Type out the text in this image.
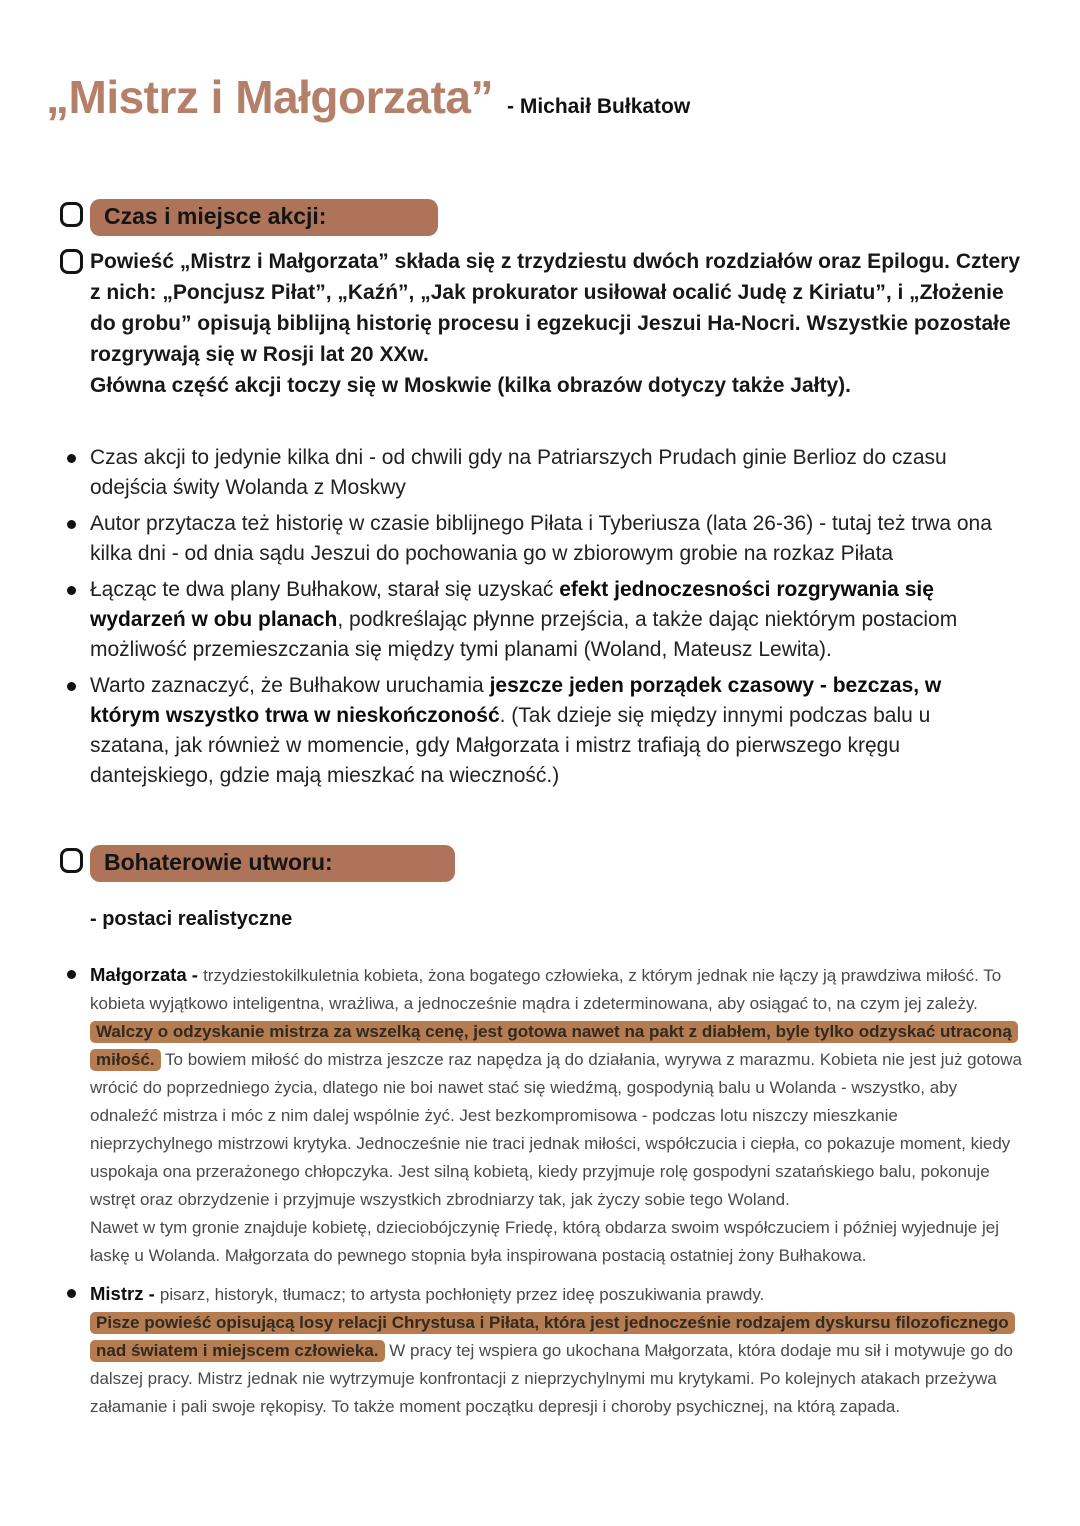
„Mistrz i Małgorzata” - Michaił Bułkatow
Czas i miejsce akcji:

Powieść „Mistrz i Małgorzata” składa się z trzydziestu dwóch rozdziałów oraz Epilogu. Cztery z nich: „Poncjusz Piłat”, „Kaźń”, „Jak prokurator usiłował ocalić Judę z Kiriatu”, i „Złożenie do grobu” opisują biblijną historię procesu i egzekucji Jeszui Ha-Nocri. Wszystkie pozostałe rozgrywają się w Rosji lat 20 XXw.
Główna część akcji toczy się w Moskwie (kilka obrazów dotyczy także Jałty).

Czas akcji to jedynie kilka dni - od chwili gdy na Patriarszych Prudach ginie Berlioz do czasu odejścia świty Wolanda z Moskwy
Autor przytacza też historię w czasie biblijnego Piłata i Tyberiusza (lata 26-36) - tutaj też trwa ona kilka dni - od dnia sądu Jeszui do pochowania go w zbiorowym grobie na rozkaz Piłata
Łącząc te dwa plany Bułhakow, starał się uzyskać efekt jednoczesności rozgrywania się wydarzeń w obu planach, podkreślając płynne przejścia, a także dając niektórym postaciom możliwość przemieszczania się między tymi planami (Woland, Mateusz Lewita).
Warto zaznaczyć, że Bułhakow uruchamia jeszcze jeden porządek czasowy - bezczas, w którym wszystko trwa w nieskończoność. (Tak dzieje się między innymi podczas balu u szatana, jak również w momencie, gdy Małgorzata i mistrz trafiają do pierwszego kręgu dantejskiego, gdzie mają mieszkać na wieczność.)
Bohaterowie utworu:

- postaci realistyczne

Małgorzata - trzydziestokilkuletnia kobieta, żona bogatego człowieka, z którym jednak nie łączy ją prawdziwa miłość. To kobieta wyjątkowo inteligentna, wrażliwa, a jednocześnie mądra i zdeterminowana, aby osiągać to, na czym jej zależy.
Walczy o odzyskanie mistrza za wszelką cenę, jest gotowa nawet na pakt z diabłem, byle tylko odzyskać utraconą miłość. To bowiem miłość do mistrza jeszcze raz napędza ją do działania, wyrywa z marazmu. Kobieta nie jest już gotowa wrócić do poprzedniego życia, dlatego nie boi nawet stać się wiedźmą, gospodynią balu u Wolanda - wszystko, aby odnaleźć mistrza i móc z nim dalej wspólnie żyć. Jest bezkompromisowa - podczas lotu niszczy mieszkanie nieprzychylnego mistrzowi krytyka. Jednocześnie nie traci jednak miłości, współczucia i ciepła, co pokazuje moment, kiedy uspokaja ona przerażonego chłopczyka. Jest silną kobietą, kiedy przyjmuje rolę gospodyni szatańskiego balu, pokonuje wstręt oraz obrzydzenie i przyjmuje wszystkich zbrodniarzy tak, jak życzy sobie tego Woland.
Nawet w tym gronie znajduje kobietę, dzieciobójczynię Friedę, którą obdarza swoim współczuciem i później wyjednuje jej łaskę u Wolanda. Małgorzata do pewnego stopnia była inspirowana postacią ostatniej żony Bułhakowa.
Mistrz - pisarz, historyk, tłumacz; to artysta pochłonięty przez ideę poszukiwania prawdy.
Pisze powieść opisującą losy relacji Chrystusa i Piłata, która jest jednocześnie rodzajem dyskursu filozoficznego nad światem i miejscem człowieka. W pracy tej wspiera go ukochana Małgorzata, która dodaje mu sił i motywuje go do dalszej pracy. Mistrz jednak nie wytrzymuje konfrontacji z nieprzychylnymi mu krytykami. Po kolejnych atakach przeżywa załamanie i pali swoje rękopisy. To także moment początku depresji i choroby psychicznej, na którą zapada.
